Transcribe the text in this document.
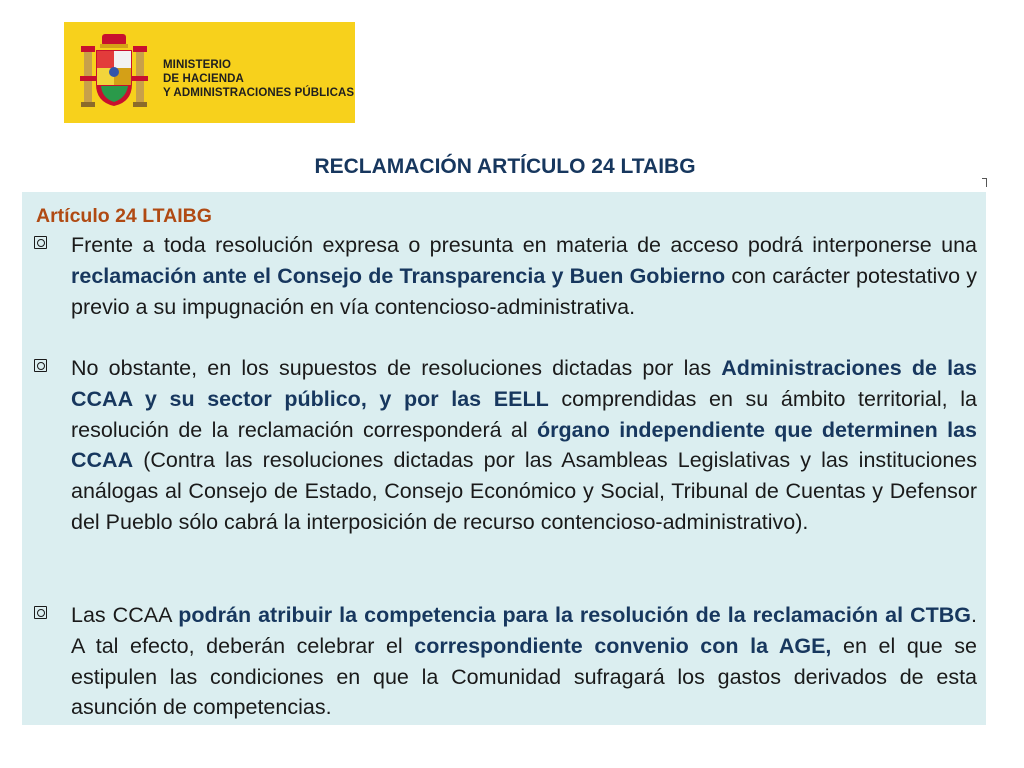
MINISTERIO
DE HACIENDA
Y ADMINISTRACIONES PÚBLICAS
RECLAMACIÓN ARTÍCULO 24 LTAIBG
Artículo 24 LTAIBG
Frente a toda resolución expresa o presunta en materia de acceso podrá interponerse una reclamación ante el Consejo de Transparencia y Buen Gobierno con carácter potestativo y previo a su impugnación en vía contencioso-administrativa.
No obstante, en los supuestos de resoluciones dictadas por las Administraciones de las CCAA y su sector público, y por las EELL comprendidas en su ámbito territorial, la resolución de la reclamación corresponderá al órgano independiente que determinen las CCAA (Contra las resoluciones dictadas por las Asambleas Legislativas y las instituciones análogas al Consejo de Estado, Consejo Económico y Social, Tribunal de Cuentas y Defensor del Pueblo sólo cabrá la interposición de recurso contencioso-administrativo).
Las CCAA podrán atribuir la competencia para la resolución de la reclamación al CTBG. A tal efecto, deberán celebrar el correspondiente convenio con la AGE, en el que se estipulen las condiciones en que la Comunidad sufragará los gastos derivados de esta asunción de competencias.
